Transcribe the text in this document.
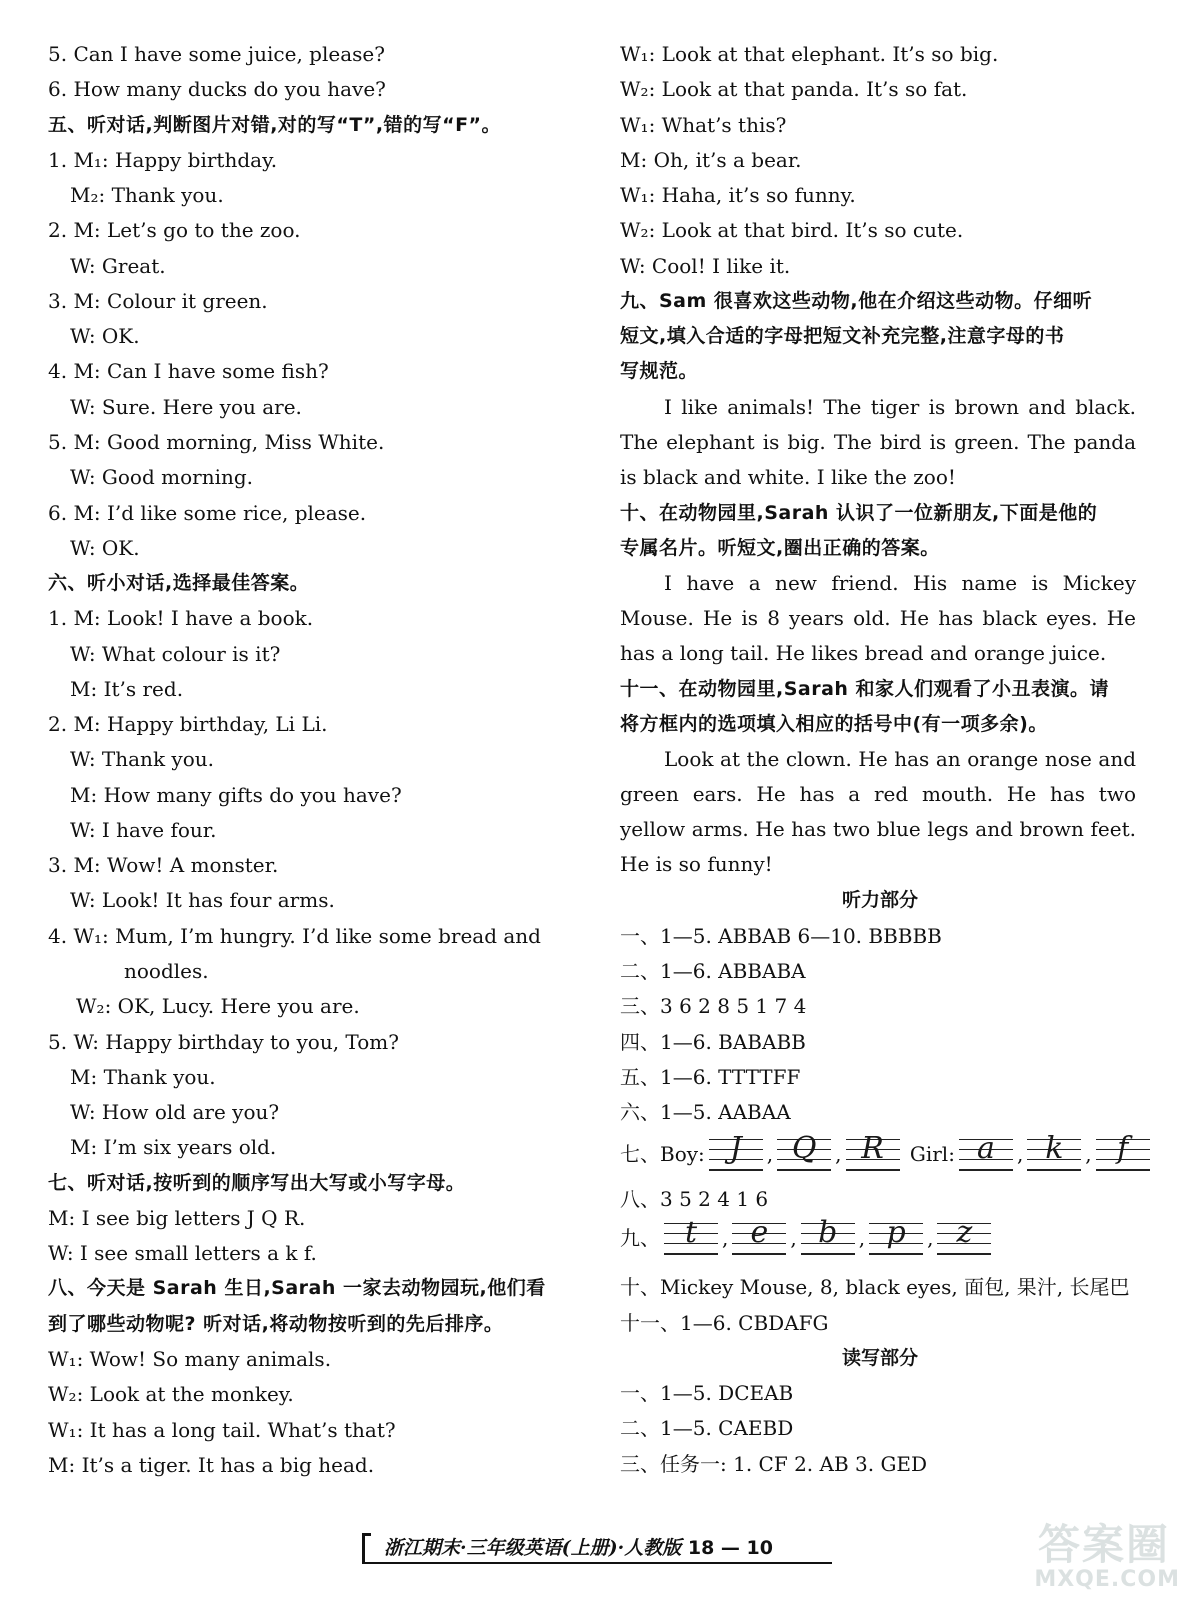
5. Can I have some juice, please?
6. How many ducks do you have?
五、听对话,判断图片对错,对的写“T”,错的写“F”。
1. M₁: Happy birthday.
M₂: Thank you.
2. M: Let’s go to the zoo.
W: Great.
3. M: Colour it green.
W: OK.
4. M: Can I have some fish?
W: Sure. Here you are.
5. M: Good morning, Miss White.
W: Good morning.
6. M: I’d like some rice, please.
W: OK.
六、听小对话,选择最佳答案。
1. M: Look! I have a book.
W: What colour is it?
M: It’s red.
2. M: Happy birthday, Li Li.
W: Thank you.
M: How many gifts do you have?
W: I have four.
3. M: Wow! A monster.
W: Look! It has four arms.
4. W₁: Mum, I’m hungry. I’d like some bread and
noodles.
W₂: OK, Lucy. Here you are.
5. W: Happy birthday to you, Tom?
M: Thank you.
W: How old are you?
M: I’m six years old.
七、听对话,按听到的顺序写出大写或小写字母。
M: I see big letters J Q R.
W: I see small letters a k f.
八、今天是 Sarah 生日,Sarah 一家去动物园玩,他们看
到了哪些动物呢? 听对话,将动物按听到的先后排序。
W₁: Wow! So many animals.
W₂: Look at the monkey.
W₁: It has a long tail. What’s that?
M: It’s a tiger. It has a big head.
W₁: Look at that elephant. It’s so big.
W₂: Look at that panda. It’s so fat.
W₁: What’s this?
M: Oh, it’s a bear.
W₁: Haha, it’s so funny.
W₂: Look at that bird. It’s so cute.
W: Cool! I like it.
九、Sam 很喜欢这些动物,他在介绍这些动物。仔细听
短文,填入合适的字母把短文补充完整,注意字母的书
写规范。
I like animals! The tiger is brown and black. The elephant is big. The bird is green. The panda is black and white. I like the zoo!
十、在动物园里,Sarah 认识了一位新朋友,下面是他的
专属名片。听短文,圈出正确的答案。
I have a new friend. His name is Mickey Mouse. He is 8 years old. He has black eyes. He has a long tail. He likes bread and orange juice.
十一、在动物园里,Sarah 和家人们观看了小丑表演。请
将方框内的选项填入相应的括号中(有一项多余)。
Look at the clown. He has an orange nose and green ears. He has a red mouth. He has two yellow arms. He has two blue legs and brown feet. He is so funny!
听力部分
一、1—5. ABBAB 6—10. BBBBB
二、1—6. ABBABA
三、3 6 2 8 5 1 7 4
四、1—6. BABABB
五、1—6. TTTTFF
六、1—5. AABAA
七、Boy: J	, Q , R	Girl: a	, k	, f
八、3 5 2 4 1 6
九、 t	, e	, b	, p	, z
十、Mickey Mouse, 8, black eyes, 面包, 果汁, 长尾巴
十一、1—6. CBDAFG
读写部分
一、1—5. DCEAB
二、1—5. CAEBD
三、任务一: 1. CF 2. AB 3. GED
浙江期末·三年级英语(上册)·人教版 18 — 10	答案圈
MXQE.COM
